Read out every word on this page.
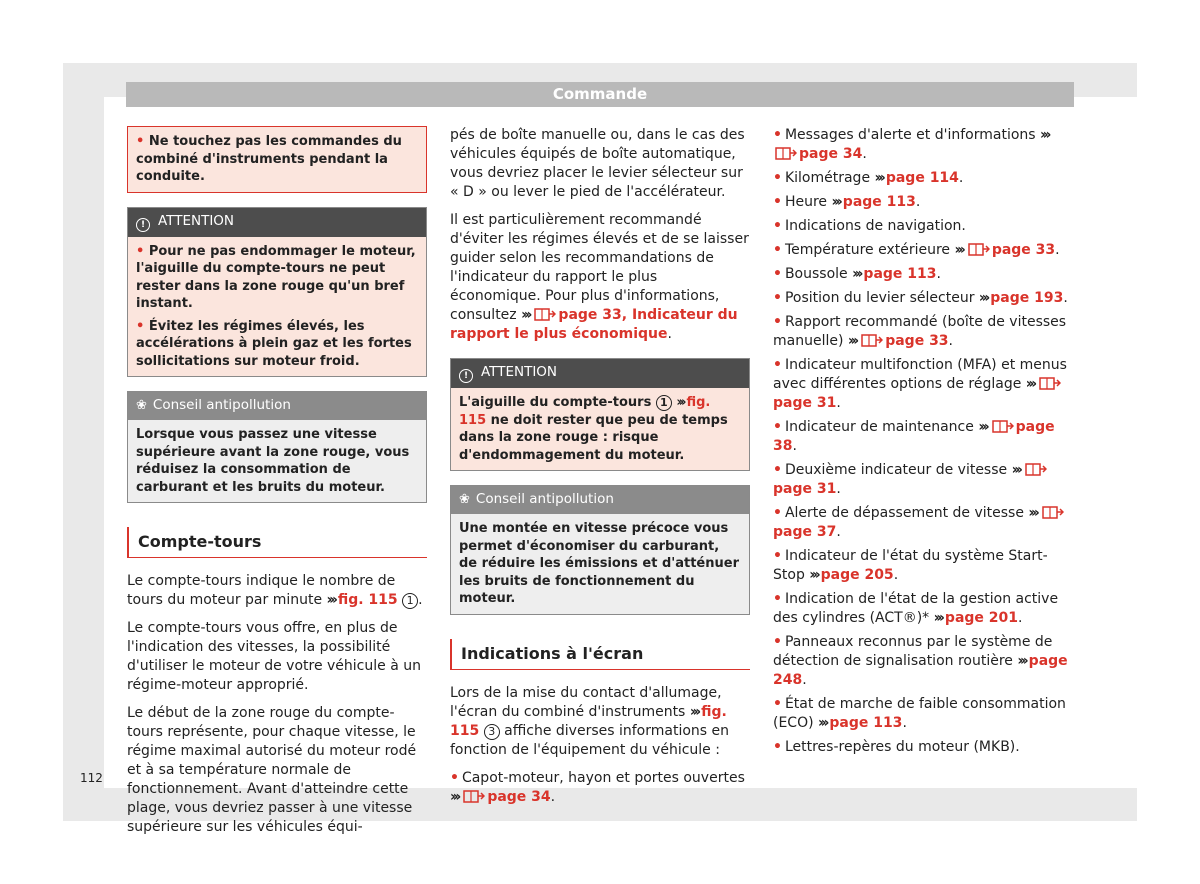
Commande
• Ne touchez pas les commandes du combiné d'instruments pendant la conduite.
! ATTENTION

• Pour ne pas endommager le moteur, l'aiguille du compte-tours ne peut rester dans la zone rouge qu'un bref instant.

• Évitez les régimes élevés, les accélérations à plein gaz et les fortes sollicitations sur moteur froid.

❀ Conseil antipollution
Lorsque vous passez une vitesse supérieure avant la zone rouge, vous réduisez la consommation de carburant et les bruits du moteur.
Compte-tours

Le compte-tours indique le nombre de tours du moteur par minute ››› fig. 115 1 .

Le compte-tours vous offre, en plus de l'indication des vitesses, la possibilité d'utiliser le moteur de votre véhicule à un régime-moteur approprié.

Le début de la zone rouge du compte-tours représente, pour chaque vitesse, le régime maximal autorisé du moteur rodé et à sa température normale de fonctionnement. Avant d'atteindre cette plage, vous devriez passer à une vitesse supérieure sur les véhicules équi-

pés de boîte manuelle ou, dans le cas des véhicules équipés de boîte automatique, vous devriez placer le levier sélecteur sur « D » ou lever le pied de l'accélérateur.

Il est particulièrement recommandé d'éviter les régimes élevés et de se laisser guider selon les recommandations de l'indicateur du rapport le plus économique. Pour plus d'informations, consultez ››› page 33, Indicateur du rapport le plus économique.

! ATTENTION
L'aiguille du compte-tours 1 ››› fig. 115 ne doit rester que peu de temps dans la zone rouge : risque d'endommagement du moteur.
❀ Conseil antipollution
Une montée en vitesse précoce vous permet d'économiser du carburant, de réduire les émissions et d'atténuer les bruits de fonctionnement du moteur.
Indications à l'écran

Lors de la mise du contact d'allumage, l'écran du combiné d'instruments ››› fig. 115 3 affiche diverses informations en fonction de l'équipement du véhicule :

• Capot-moteur, hayon et portes ouvertes
››› page 34.
• Messages d'alerte et d'informations ›››page 34.
• Kilométrage ››› page 114.
• Heure ››› page 113.
• Indications de navigation.
• Température extérieure ››› page 33.
• Boussole ››› page 113.
• Position du levier sélecteur ››› page 193.
• Rapport recommandé (boîte de vitesses manuelle) ››› page 33.
• Indicateur multifonction (MFA) et menus avec différentes options de réglage ›››page 31.
• Indicateur de maintenance ››› page 38.
• Deuxième indicateur de vitesse ›››page 31.
• Alerte de dépassement de vitesse ›››page 37.
• Indicateur de l'état du système Start-Stop ››› page 205.
• Indication de l'état de la gestion active des cylindres (ACT®)* ››› page 201.
• Panneaux reconnus par le système de détection de signalisation routière ››› page 248.
• État de marche de faible consommation (ECO) ››› page 113.
• Lettres-repères du moteur (MKB).
112
